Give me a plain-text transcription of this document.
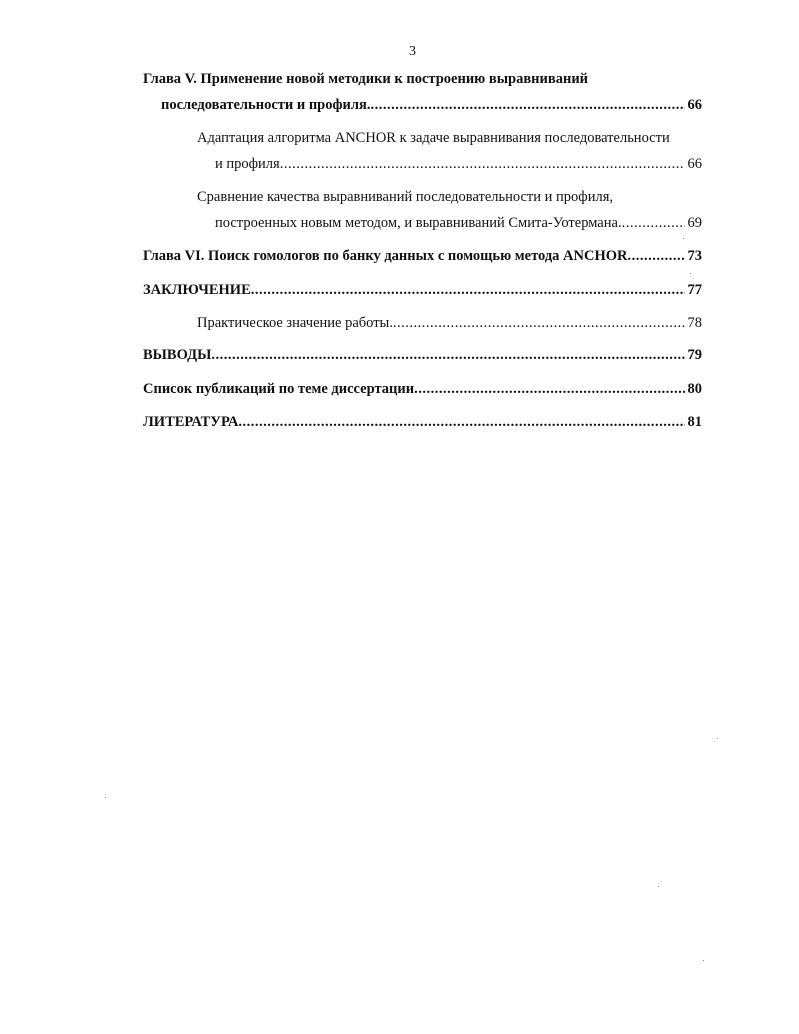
3
Глава V. Применение новой методики к построению выравниваний
последовательности и профиля. .....	66
Адаптация алгоритма ANCHOR к задаче выравнивания последовательности
и профиля .....	66
Сравнение качества выравниваний последовательности и профиля,
построенных новым методом, и выравниваний Смита-Уотермана. .....	69
Глава VI. Поиск гомологов по банку данных с помощью метода ANCHOR .....	73
ЗАКЛЮЧЕНИЕ .....	77
Практическое значение работы. .....	78
ВЫВОДЫ .....	79
Список публикаций по теме диссертации .....	80
ЛИТЕРАТУРА .....	81
